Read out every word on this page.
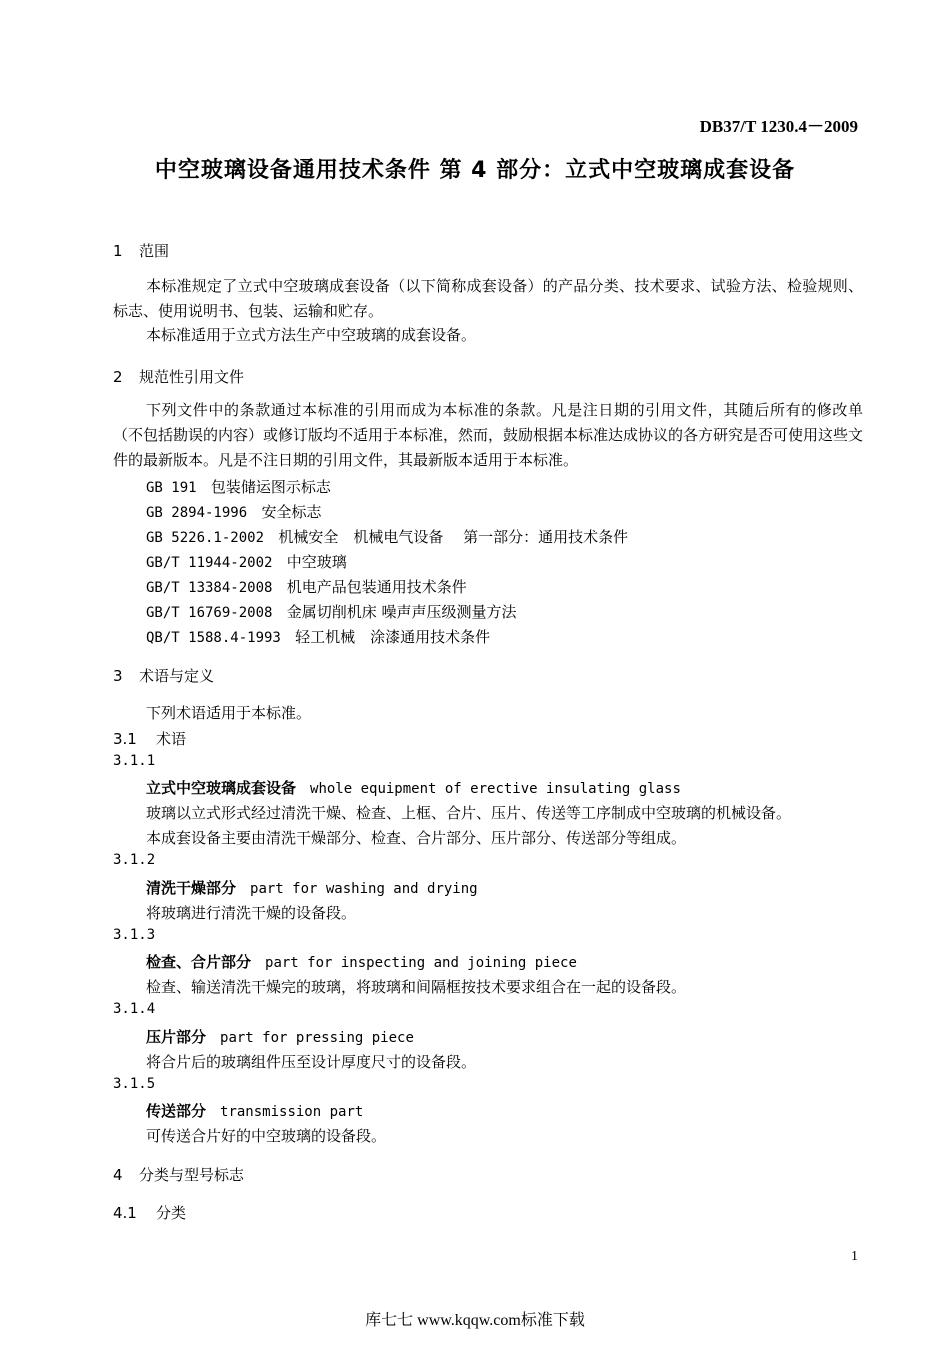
DB37/T 1230.4－2009
中空玻璃设备通用技术条件 第 4 部分：立式中空玻璃成套设备
1 范围
本标准规定了立式中空玻璃成套设备（以下简称成套设备）的产品分类、技术要求、试验方法、检验规则、标志、使用说明书、包装、运输和贮存。
本标准适用于立式方法生产中空玻璃的成套设备。
2 规范性引用文件
下列文件中的条款通过本标准的引用而成为本标准的条款。凡是注日期的引用文件，其随后所有的修改单（不包括勘误的内容）或修订版均不适用于本标准，然而，鼓励根据本标准达成协议的各方研究是否可使用这些文件的最新版本。凡是不注日期的引用文件，其最新版本适用于本标准。
GB 191 包装储运图示标志
GB 2894-1996 安全标志
GB 5226.1-2002 机械安全　机械电气设备　 第一部分：通用技术条件
GB/T 11944-2002 中空玻璃
GB/T 13384-2008 机电产品包装通用技术条件
GB/T 16769-2008 金属切削机床 噪声声压级测量方法
QB/T 1588.4-1993 轻工机械　涂漆通用技术条件
3 术语与定义
下列术语适用于本标准。
3.1 术语
3.1.1
立式中空玻璃成套设备 whole equipment of erective insulating glass
玻璃以立式形式经过清洗干燥、检查、上框、合片、压片、传送等工序制成中空玻璃的机械设备。
本成套设备主要由清洗干燥部分、检查、合片部分、压片部分、传送部分等组成。
3.1.2
清洗干燥部分 part for washing and drying
将玻璃进行清洗干燥的设备段。
3.1.3
检查、合片部分 part for inspecting and joining piece
检查、输送清洗干燥完的玻璃，将玻璃和间隔框按技术要求组合在一起的设备段。
3.1.4
压片部分 part for pressing piece
将合片后的玻璃组件压至设计厚度尺寸的设备段。
3.1.5
传送部分 transmission part
可传送合片好的中空玻璃的设备段。
4 分类与型号标志
4.1 分类
1
库七七 www.kqqw.com标准下载
